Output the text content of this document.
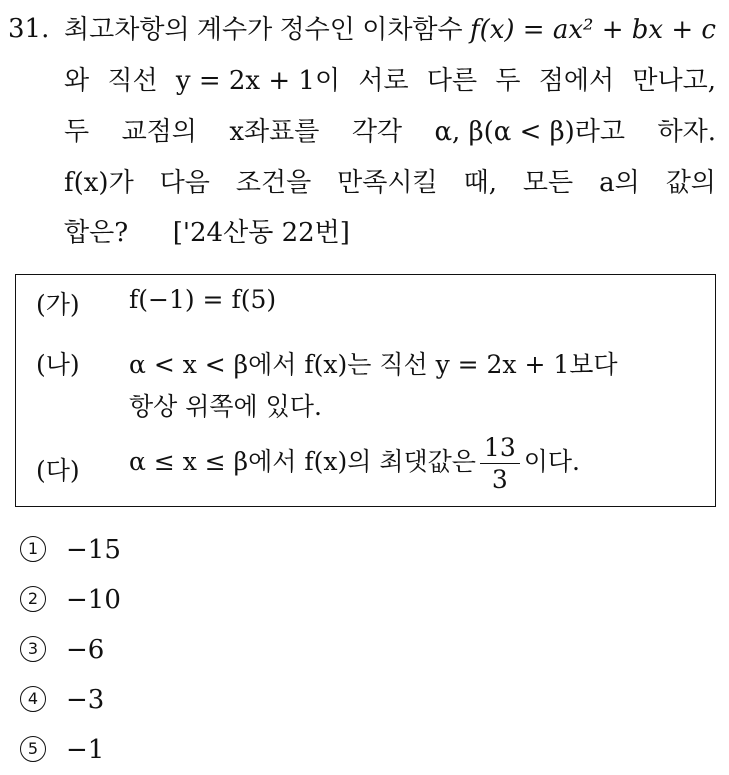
31. 최고차항의 계수가 정수인 이차함수 f(x) = ax² + bx + c
와 직선 y = 2x + 1이 서로 다른 두 점에서 만나고,
두 교점의 x좌표를 각각 α, β(α < β)라고 하자.
f(x)가 다음 조건을 만족시킬 때, 모든 a의 값의
합은? ['24산동 22번]
(가) f(−1) = f(5)
(나) α < x < β에서 f(x)는 직선 y = 2x + 1보다
항상 위쪽에 있다.
(다) α ≤ x ≤ β에서 f(x)의 최댓값은 $\frac{13}{3}$ 이다.
1 −15
2 −10
3 −6
4 −3
5 −1
